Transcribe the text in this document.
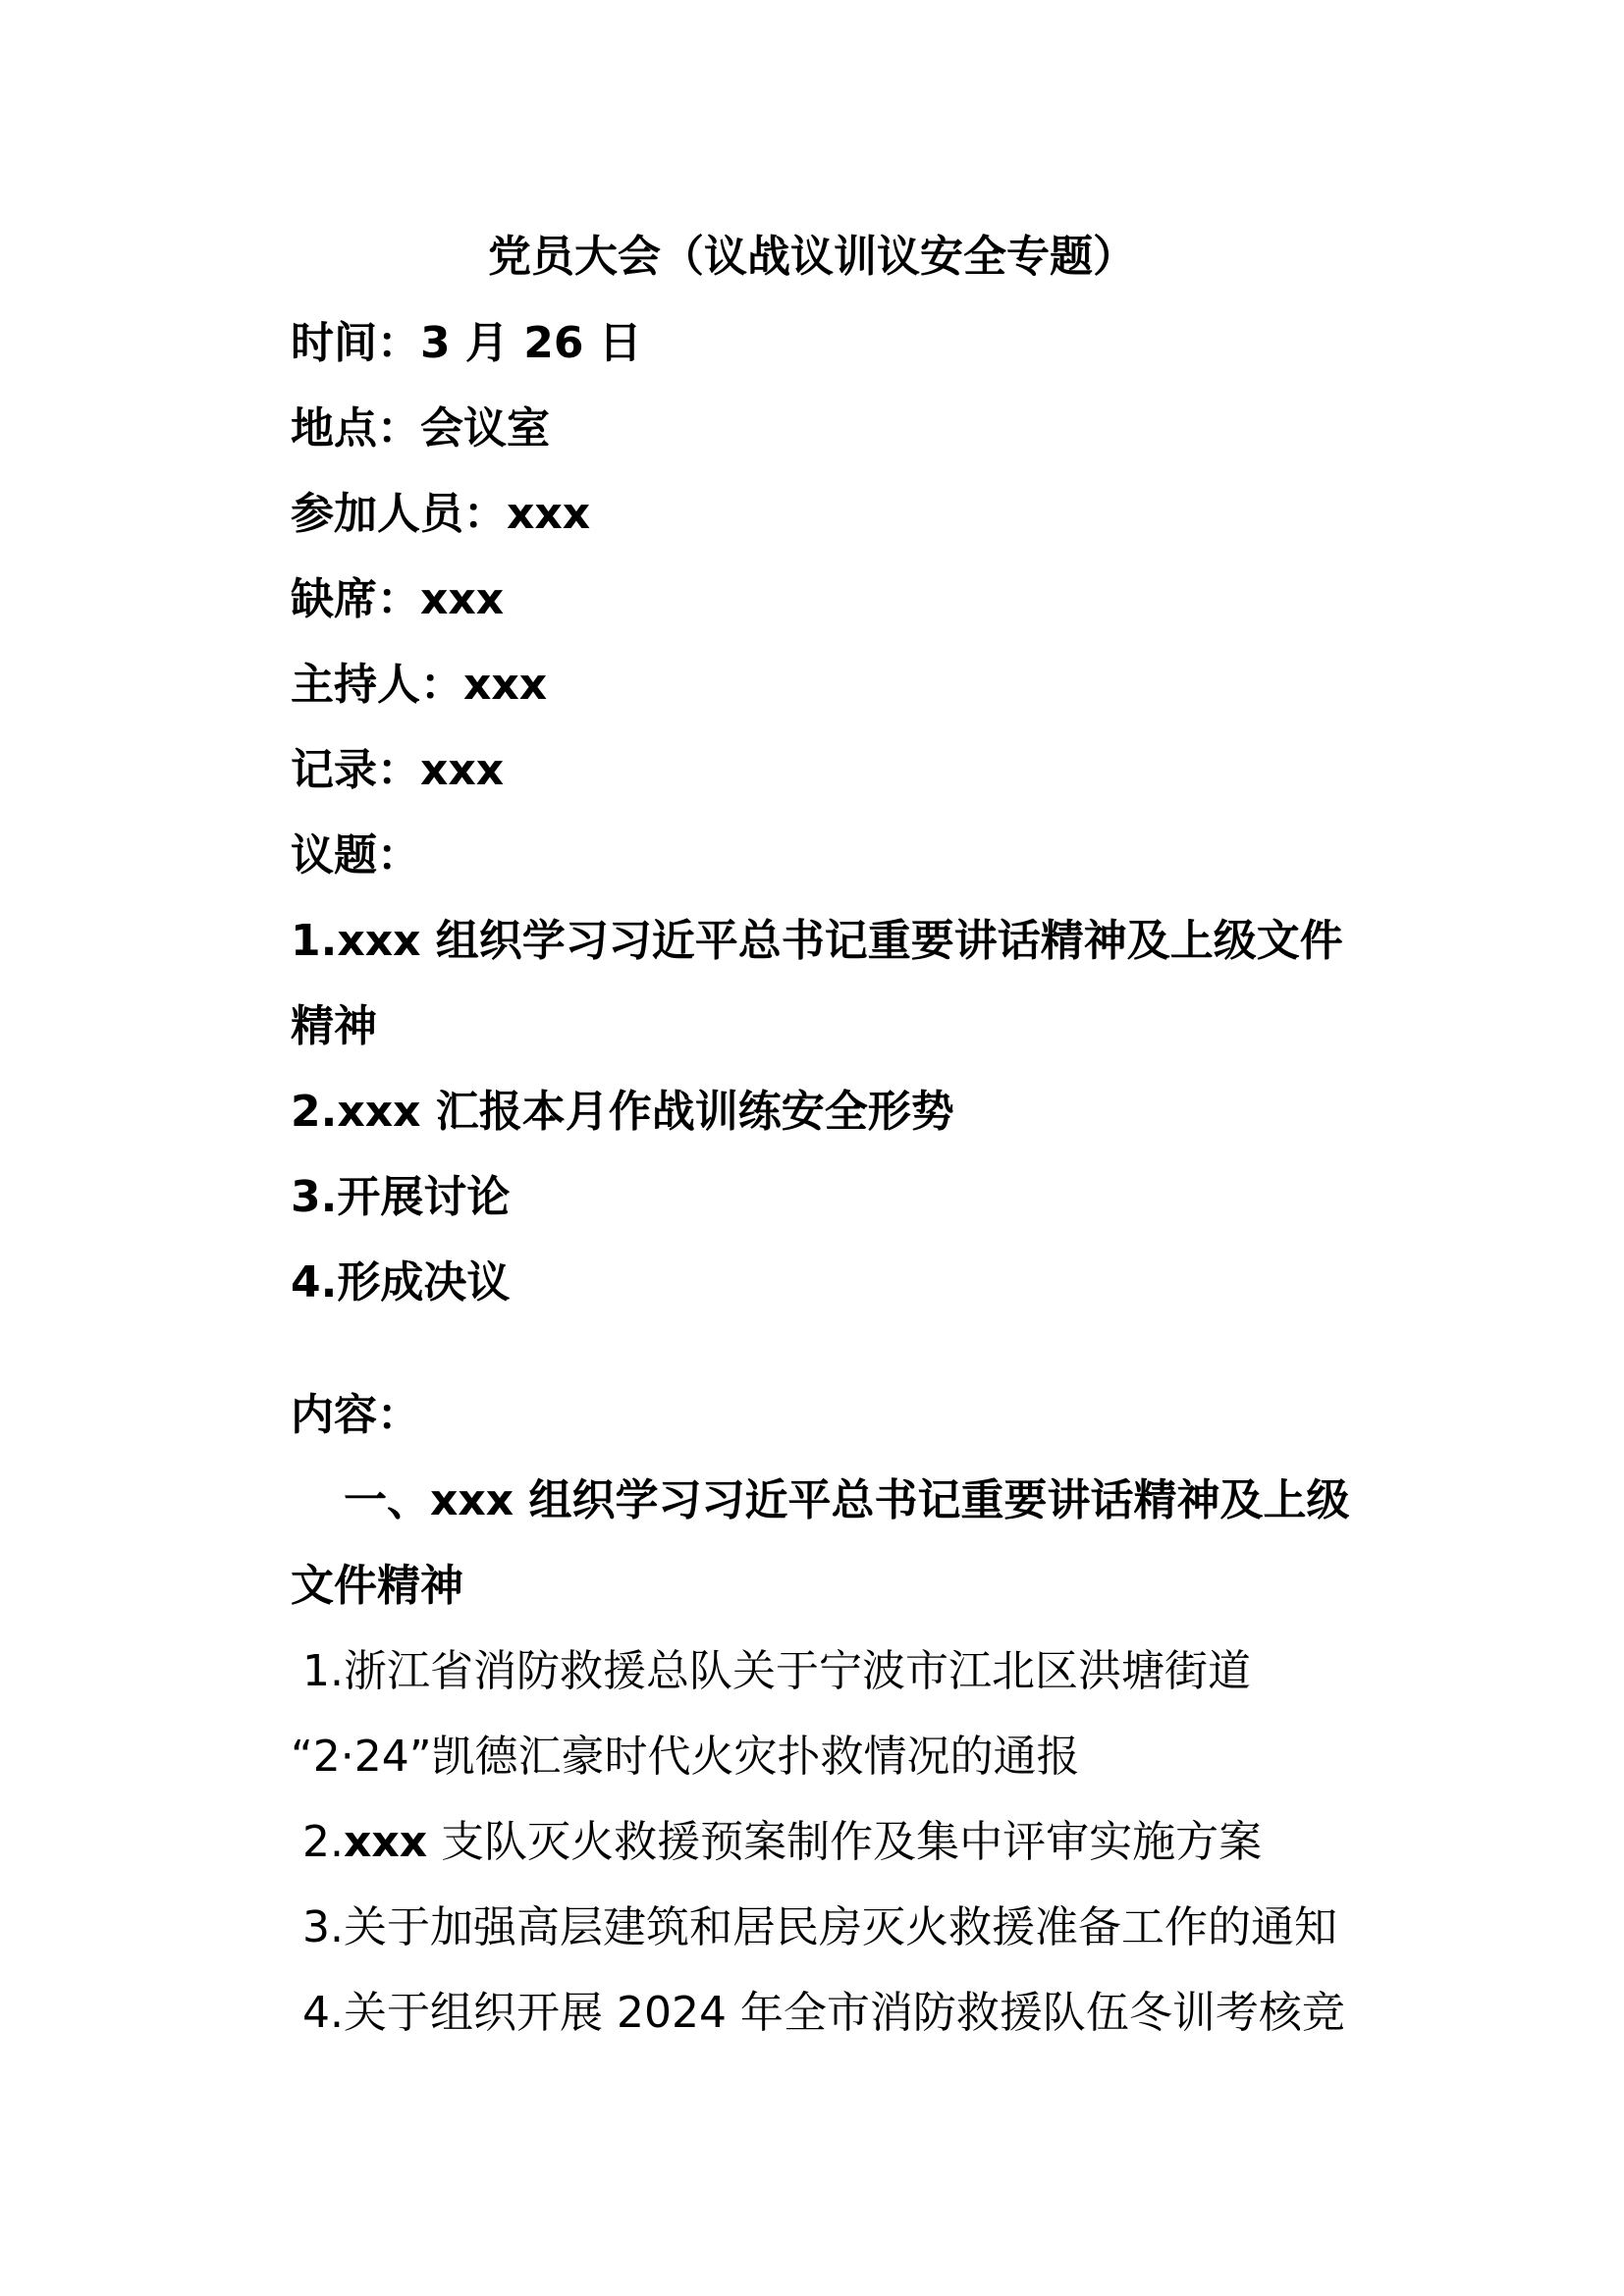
党员大会（议战议训议安全专题）
时间：3 月 26 日
地点：会议室
参加人员：xxx
缺席：xxx
主持人：xxx
记录：xxx
议题：
1.xxx 组织学习习近平总书记重要讲话精神及上级文件
精神
2.xxx 汇报本月作战训练安全形势
3.开展讨论
4.形成决议
内容：
一、xxx 组织学习习近平总书记重要讲话精神及上级
文件精神
1.浙江省消防救援总队关于宁波市江北区洪塘街道
“2·24”凯德汇豪时代火灾扑救情况的通报
2.xxx 支队灭火救援预案制作及集中评审实施方案
3.关于加强高层建筑和居民房灭火救援准备工作的通知
4.关于组织开展 2024 年全市消防救援队伍冬训考核竞
